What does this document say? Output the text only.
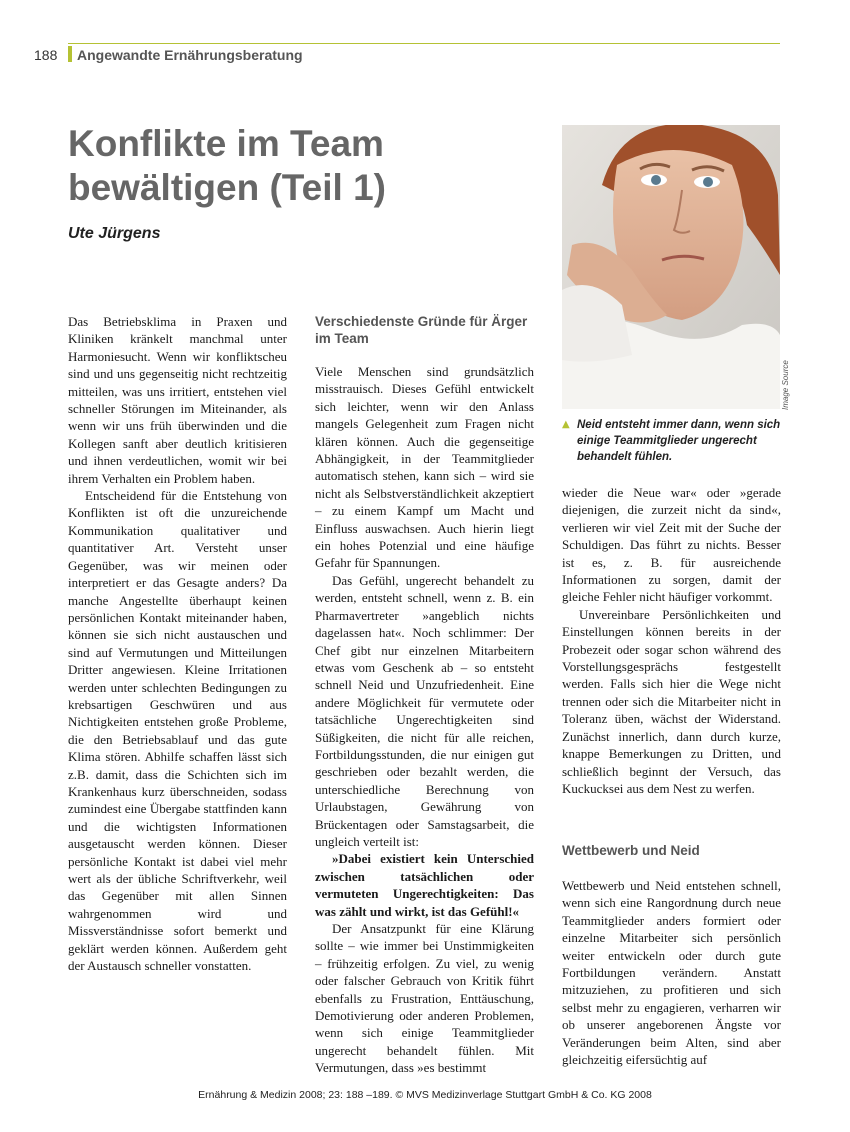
188 Angewandte Ernährungsberatung
Konflikte im Team bewältigen (Teil 1)
Ute Jürgens

Das Betriebsklima in Praxen und Kliniken kränkelt manchmal unter Harmoniesucht. Wenn wir konfliktscheu sind und uns gegenseitig nicht rechtzeitig mitteilen, was uns irritiert, entstehen viel schneller Störungen im Miteinander, als wenn wir uns früh überwinden und die Kollegen sanft aber deutlich kritisieren und ihnen verdeutlichen, womit wir bei ihrem Verhalten ein Problem haben.

Entscheidend für die Entstehung von Konflikten ist oft die unzureichende Kommunikation qualitativer und quantitativer Art. Versteht unser Gegenüber, was wir meinen oder interpretiert er das Gesagte anders? Da manche Angestellte überhaupt keinen persönlichen Kontakt miteinander haben, können sie sich nicht austauschen und sind auf Vermutungen und Mitteilungen Dritter angewiesen. Kleine Irritationen werden unter schlechten Bedingungen zu krebsartigen Geschwüren und aus Nichtigkeiten entstehen große Probleme, die den Betriebsablauf und das gute Klima stören. Abhilfe schaffen lässt sich z.B. damit, dass die Schichten sich im Krankenhaus kurz überschneiden, sodass zumindest eine Übergabe stattfinden kann und die wichtigsten Informationen ausgetauscht werden können. Dieser persönliche Kontakt ist dabei viel mehr wert als der übliche Schriftverkehr, weil das Gegenüber mit allen Sinnen wahrgenommen wird und Missverständnisse sofort bemerkt und geklärt werden können. Außerdem geht der Austausch schneller vonstatten.

Verschiedenste Gründe für Ärger im Team

Viele Menschen sind grundsätzlich misstrauisch. Dieses Gefühl entwickelt sich leichter, wenn wir den Anlass mangels Gelegenheit zum Fragen nicht klären können. Auch die gegenseitige Abhängigkeit, in der Teammitglieder automatisch stehen, kann sich – wird sie nicht als Selbstverständlichkeit akzeptiert – zu einem Kampf um Macht und Einfluss auswachsen. Auch hierin liegt ein hohes Potenzial und eine häufige Gefahr für Spannungen.

Das Gefühl, ungerecht behandelt zu werden, entsteht schnell, wenn z. B. ein Pharmavertreter »angeblich nichts dagelassen hat«. Noch schlimmer: Der Chef gibt nur einzelnen Mitarbeitern etwas vom Geschenk ab – so entsteht schnell Neid und Unzufriedenheit. Eine andere Möglichkeit für vermutete oder tatsächliche Ungerechtigkeiten sind Süßigkeiten, die nicht für alle reichen, Fortbildungsstunden, die nur einigen gut geschrieben oder bezahlt werden, die unterschiedliche Berechnung von Urlaubstagen, Gewährung von Brückentagen oder Samstagsarbeit, die ungleich verteilt ist:

»Dabei existiert kein Unterschied zwischen tatsächlichen oder vermuteten Ungerechtigkeiten: Das was zählt und wirkt, ist das Gefühl!«

Der Ansatzpunkt für eine Klärung sollte – wie immer bei Unstimmigkeiten – frühzeitig erfolgen. Zu viel, zu wenig oder falscher Gebrauch von Kritik führt ebenfalls zu Frustration, Enttäuschung, Demotivierung oder anderen Problemen, wenn sich einige Teammitglieder ungerecht behandelt fühlen. Mit Vermutungen, dass »es bestimmt

Image Source
▲ Neid entsteht immer dann, wenn sich einige Teammitglieder ungerecht behandelt fühlen.

wieder die Neue war« oder »gerade diejenigen, die zurzeit nicht da sind«, verlieren wir viel Zeit mit der Suche der Schuldigen. Das führt zu nichts. Besser ist es, z. B. für ausreichende Informationen zu sorgen, damit der gleiche Fehler nicht häufiger vorkommt.

Unvereinbare Persönlichkeiten und Einstellungen können bereits in der Probezeit oder sogar schon während des Vorstellungsgesprächs festgestellt werden. Falls sich hier die Wege nicht trennen oder sich die Mitarbeiter nicht in Toleranz üben, wächst der Widerstand. Zunächst innerlich, dann durch kurze, knappe Bemerkungen zu Dritten, und schließlich beginnt der Versuch, das Kuckucksei aus dem Nest zu werfen.

Wettbewerb und Neid

Wettbewerb und Neid entstehen schnell, wenn sich eine Rangordnung durch neue Teammitglieder anders formiert oder einzelne Mitarbeiter sich persönlich weiter entwickeln oder durch gute Fortbildungen verändern. Anstatt mitzuziehen, zu profitieren und sich selbst mehr zu engagieren, verharren wir ob unserer angeborenen Ängste vor Veränderungen beim Alten, sind aber gleichzeitig eifersüchtig auf

Ernährung & Medizin 2008; 23: 188 –189. © MVS Medizinverlage Stuttgart GmbH & Co. KG 2008
